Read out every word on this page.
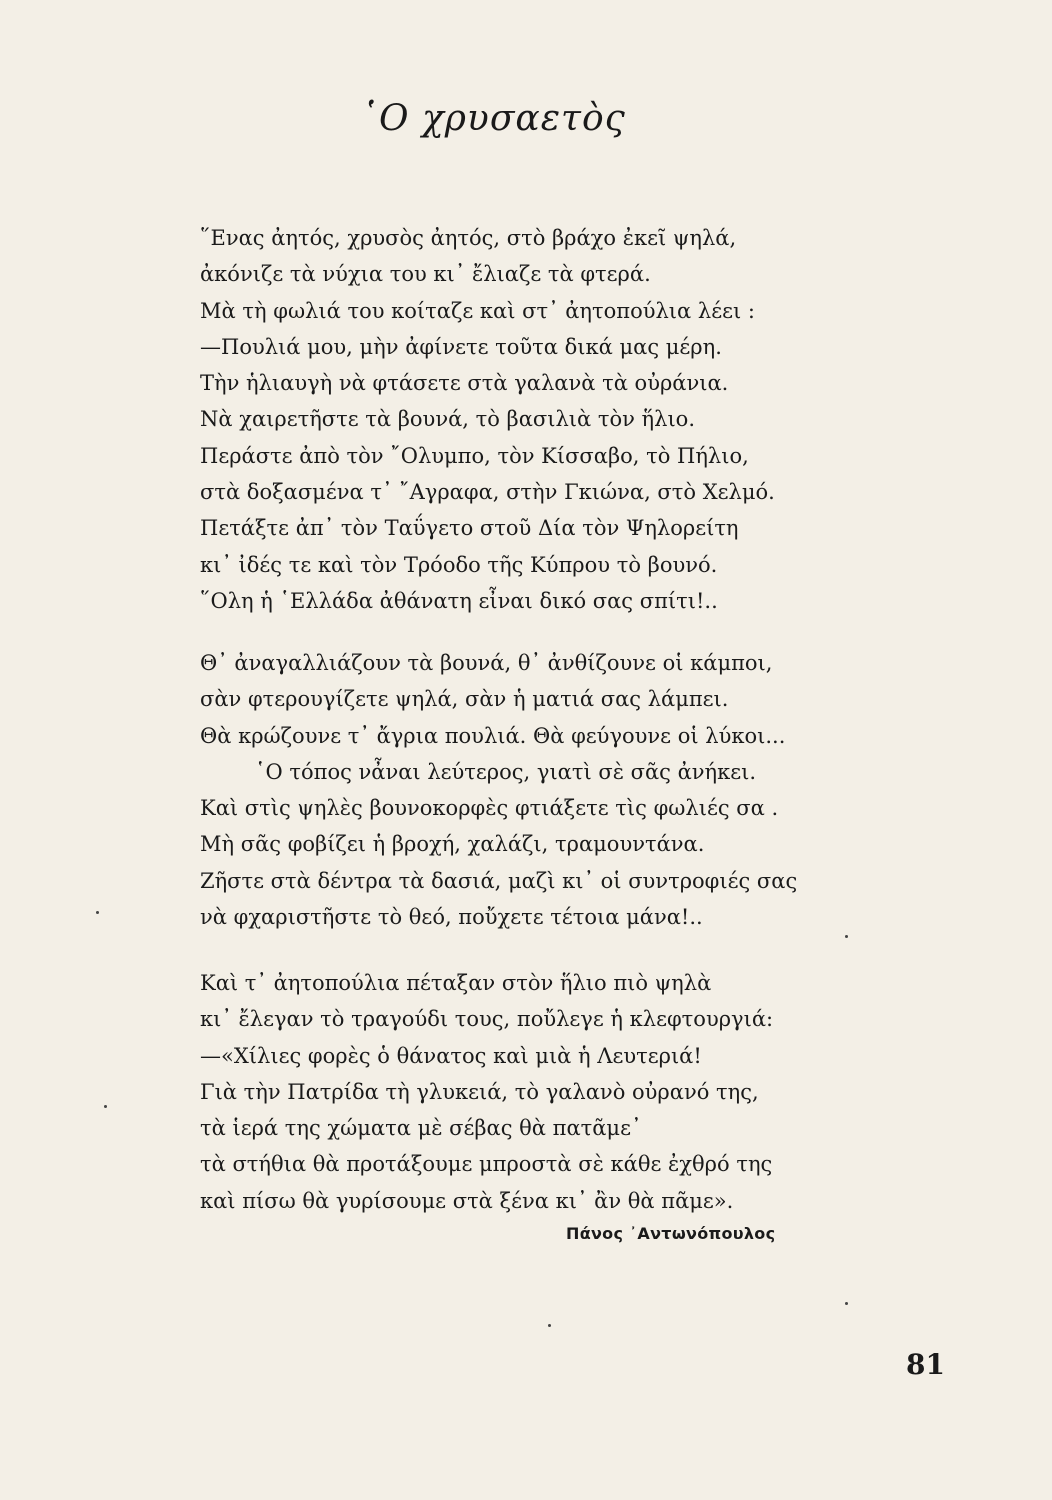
῾Ο χρυσαετὸς
῞Ενας ἀητός, χρυσὸς ἀητός, στὸ βράχο ἐκεῖ ψηλά,
ἀκόνιζε τὰ νύχια του κι᾿ ἔλιαζε τὰ φτερά.
Μὰ τὴ φωλιά του κοίταζε καὶ στ᾿ ἀητοπούλια λέει :
—Πουλιά μου, μὴν ἀφίνετε τοῦτα δικά μας μέρη.
Τὴν ἡλιαυγὴ νὰ φτάσετε στὰ γαλανὰ τὰ οὐράνια.
Νὰ χαιρετῆστε τὰ βουνά, τὸ βασιλιὰ τὸν ἥλιο.
Περάστε ἀπὸ τὸν ῎Ολυμπο, τὸν Κίσσαβο, τὸ Πήλιο,
στὰ δοξασμένα τ᾿ ῎Αγραφα, στὴν Γκιώνα, στὸ Χελμό.
Πετάξτε ἀπ᾿ τὸν Ταΰγετο στοῦ Δία τὸν Ψηλορείτη
κι᾿ ἰδές τε καὶ τὸν Τρόοδο τῆς Κύπρου τὸ βουνό.
῞Ολη ἡ ῾Ελλάδα ἀθάνατη εἶναι δικό σας σπίτι!..
Θ᾿ ἀναγαλλιάζουν τὰ βουνά, θ᾿ ἀνθίζουνε οἱ κάμποι,
σὰν φτερουγίζετε ψηλά, σὰν ἡ ματιά σας λάμπει.
Θὰ κρώζουνε τ᾿ ἄγρια πουλιά. Θὰ φεύγουνε οἱ λύκοι...
῾Ο τόπος νἆναι λεύτερος, γιατὶ σὲ σᾶς ἀνήκει.
Καὶ στὶς ψηλὲς βουνοκορφὲς φτιάξετε τὶς φωλιές σα .
Μὴ σᾶς φοβίζει ἡ βροχή, χαλάζι, τραμουντάνα.
Ζῆστε στὰ δέντρα τὰ δασιά, μαζὶ κι᾿ οἱ συντροφιές σας
νὰ φχαριστῆστε τὸ θεό, ποὔχετε τέτοια μάνα!..
Καὶ τ᾿ ἀητοπούλια πέταξαν στὸν ἥλιο πιὸ ψηλὰ
κι᾿ ἔλεγαν τὸ τραγούδι τους, ποὔλεγε ἡ κλεφτουργιά:
—«Χίλιες φορὲς ὁ θάνατος καὶ μιὰ ἡ Λευτεριά!
Γιὰ τὴν Πατρίδα τὴ γλυκειά, τὸ γαλανὸ οὐρανό της,
τὰ ἱερά της χώματα μὲ σέβας θὰ πατᾶμε᾿
τὰ στήθια θὰ προτάξουμε μπροστὰ σὲ κάθε ἐχθρό της
καὶ πίσω θὰ γυρίσουμε στὰ ξένα κι᾿ ἂν θὰ πᾶμε».
Πάνος ᾿Αντωνόπουλος
81
